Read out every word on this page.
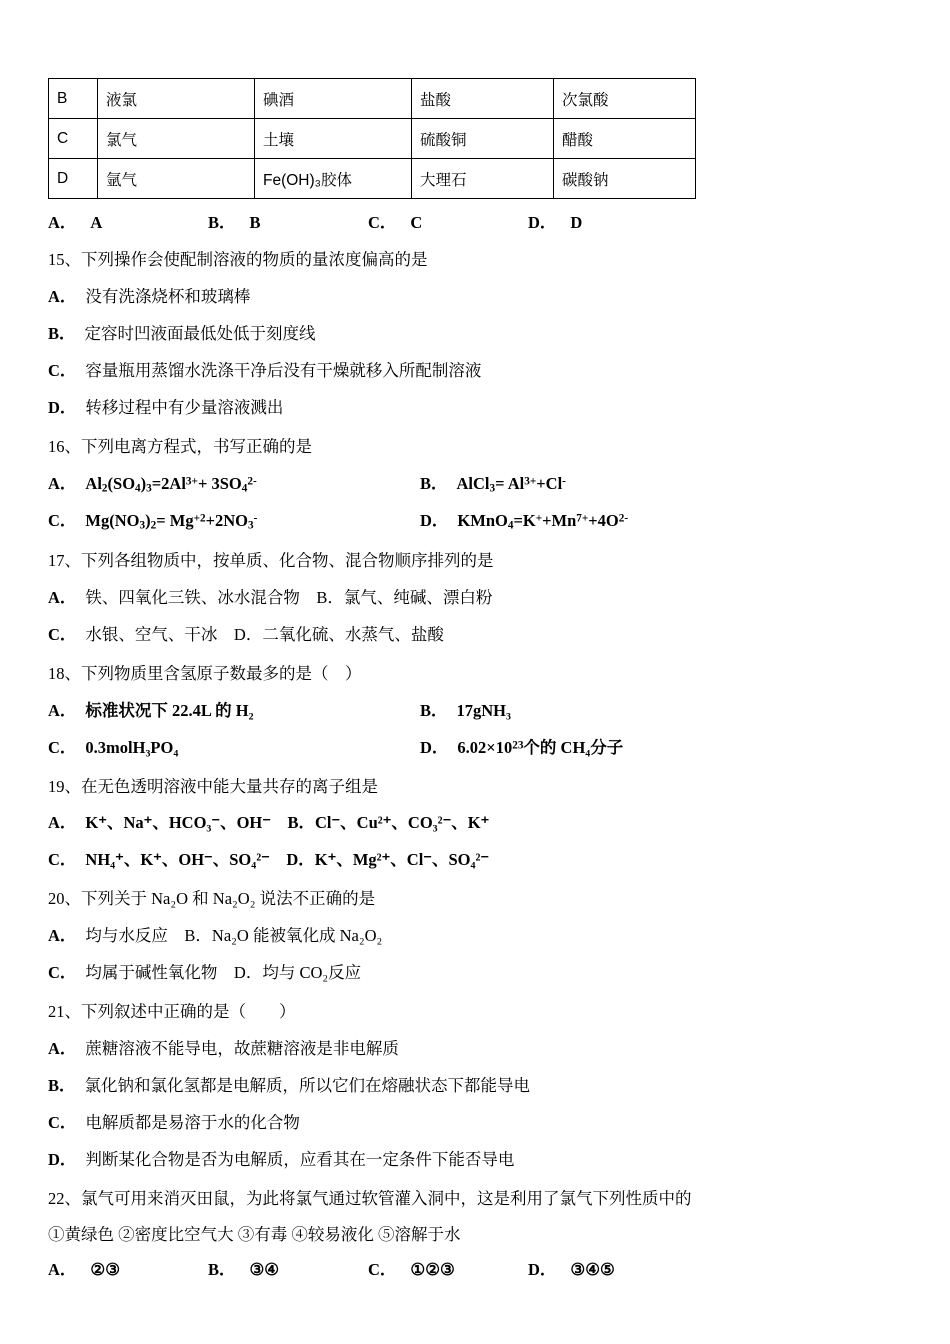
B	液氯	碘酒	盐酸	次氯酸
C	氯气	土壤	硫酸铜	醋酸
D	氩气	Fe(OH)₃胶体	大理石	碳酸钠
A． A	B． B	C． C	D． D
15、下列操作会使配制溶液的物质的量浓度偏高的是
A． 没有洗涤烧杯和玻璃棒
B． 定容时凹液面最低处低于刻度线
C． 容量瓶用蒸馏水洗涤干净后没有干燥就移入所配制溶液
D． 转移过程中有少量溶液溅出
16、下列电离方程式，书写正确的是
A． $Al_2(SO_4)_3=2Al^{3+}+ 3SO_4^{2-}$	B． AlCl$_3$= $Al^{3+}+Cl^-$
C． $Mg(NO_3)_2= Mg^{+2}+2NO_3^-$	D． $KMnO_4=K^++Mn^{7+}+4O^{2-}$
17、下列各组物质中，按单质、化合物、混合物顺序排列的是
A． 铁、四氧化三铁、冰水混合物　B．氯气、纯碱、漂白粉
C． 水银、空气、干冰　D．二氧化硫、水蒸气、盐酸
18、下列物质里含氢原子数最多的是（　）
A． 标准状况下 22.4L 的 H₂	B． 17gNH₃
C． 0.3molH₃PO₄	D． $6.02\times 10^{23}$个的 CH₄分子
19、在无色透明溶液中能大量共存的离子组是
A． K⁺、Na⁺、HCO₃⁻、OH⁻　B．Cl⁻、Cu²⁺、CO₃²⁻、K⁺
C． NH₄⁺、K⁺、OH⁻、SO₄²⁻　D．K⁺、Mg²⁺、Cl⁻、SO₄²⁻
20、下列关于 Na₂O 和 Na₂O₂ 说法不正确的是
A． 均与水反应　B．Na₂O 能被氧化成 Na₂O₂
C． 均属于碱性氧化物　D．均与 CO₂反应
21、下列叙述中正确的是（　　）
A． 蔗糖溶液不能导电，故蔗糖溶液是非电解质
B． 氯化钠和氯化氢都是电解质，所以它们在熔融状态下都能导电
C． 电解质都是易溶于水的化合物
D． 判断某化合物是否为电解质，应看其在一定条件下能否导电
22、氯气可用来消灭田鼠，为此将氯气通过软管灌入洞中，这是利用了氯气下列性质中的
①黄绿色 ②密度比空气大 ③有毒 ④较易液化 ⑤溶解于水
A． ②③	B． ③④	C． ①②③	D． ③④⑤
